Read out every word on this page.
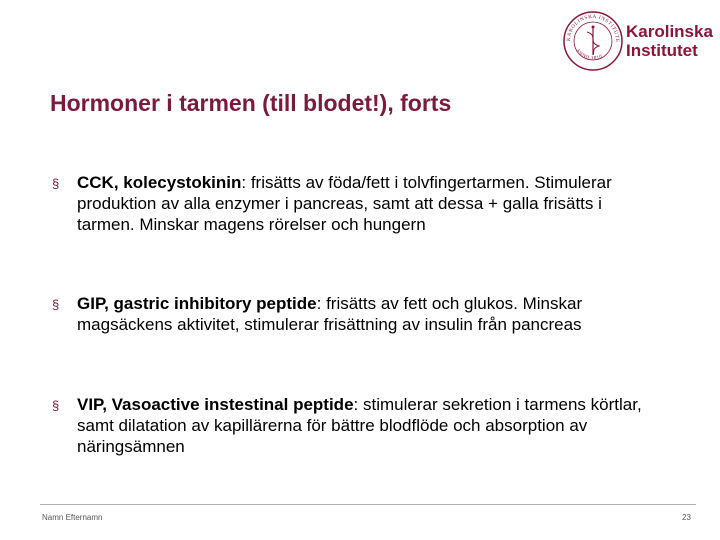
KAROLINSKA INSTITUTE
ANNO 1810
Karolinska
Institutet
Hormoner i tarmen (till blodet!), forts
§ CCK, kolecystokinin: frisätts av föda/fett i tolvfingertarmen. Stimulerar produktion av alla enzymer i pancreas, samt att dessa + galla frisätts i tarmen. Minskar magens rörelser och hungern
§ GIP, gastric inhibitory peptide: frisätts av fett och glukos. Minskar magsäckens aktivitet, stimulerar frisättning av insulin från pancreas
§ VIP, Vasoactive instestinal peptide: stimulerar sekretion i tarmens körtlar, samt dilatation av kapillärerna för bättre blodflöde och absorption av näringsämnen
Namn Efternamn	23
